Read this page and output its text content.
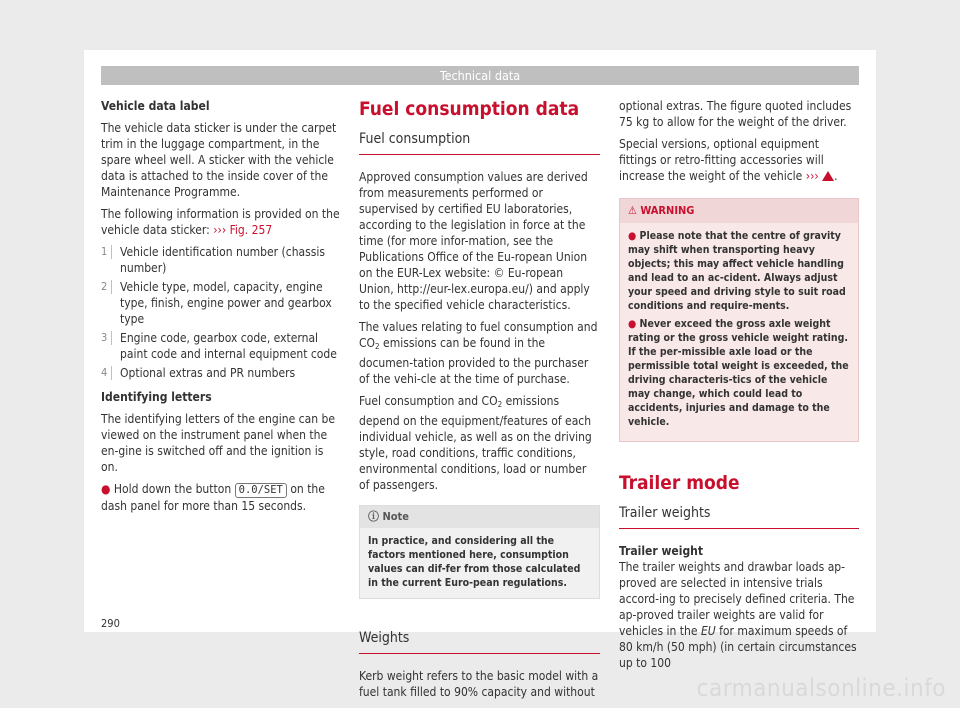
Technical data

Vehicle data label

The vehicle data sticker is under the carpet trim in the luggage compartment, in the spare wheel well. A sticker with the vehicle data is attached to the inside cover of the Maintenance Programme.

The following information is provided on the vehicle data sticker: ››› Fig. 257

1	Vehicle identification number (chassis number)
2	Vehicle type, model, capacity, engine type, finish, engine power and gearbox type
3	Engine code, gearbox code, external paint code and internal equipment code
4	Optional extras and PR numbers

Identifying letters

The identifying letters of the engine can be viewed on the instrument panel when the en-gine is switched off and the ignition is on.

● Hold down the button 0.0/SET on the dash panel for more than 15 seconds.

Fuel consumption data
Fuel consumption

Approved consumption values are derived from measurements performed or supervised by certified EU laboratories, according to the legislation in force at the time (for more infor-mation, see the Publications Office of the Eu-ropean Union on the EUR-Lex website: © Eu-ropean Union, http://eur-lex.europa.eu/) and apply to the specified vehicle characteristics.

The values relating to fuel consumption and $CO_2$ emissions can be found in the documen-tation provided to the purchaser of the vehi-cle at the time of purchase.

Fuel consumption and $CO_2$ emissions depend on the equipment/features of each individual vehicle, as well as on the driving style, road conditions, traffic conditions, environmental conditions, load or number of passengers.

ⓘ Note
In practice, and considering all the factors mentioned here, consumption values can dif-fer from those calculated in the current Euro-pean regulations.
Weights

Kerb weight refers to the basic model with a fuel tank filled to 90% capacity and without

optional extras. The figure quoted includes 75 kg to allow for the weight of the driver.

Special versions, optional equipment fittings or retro-fitting accessories will increase the weight of the vehicle ››› .

⚠ WARNING

● Please note that the centre of gravity may shift when transporting heavy objects; this may affect vehicle handling and lead to an ac-cident. Always adjust your speed and driving style to suit road conditions and require-ments.

● Never exceed the gross axle weight rating or the gross vehicle weight rating. If the per-missible axle load or the permissible total weight is exceeded, the driving characteris-tics of the vehicle may change, which could lead to accidents, injuries and damage to the vehicle.

Trailer mode
Trailer weights

Trailer weight

The trailer weights and drawbar loads ap-proved are selected in intensive trials accord-ing to precisely defined criteria. The ap-proved trailer weights are valid for vehicles in the EU for maximum speeds of 80 km/h (50 mph) (in certain circumstances up to 100

290
carmanualsonline.info
